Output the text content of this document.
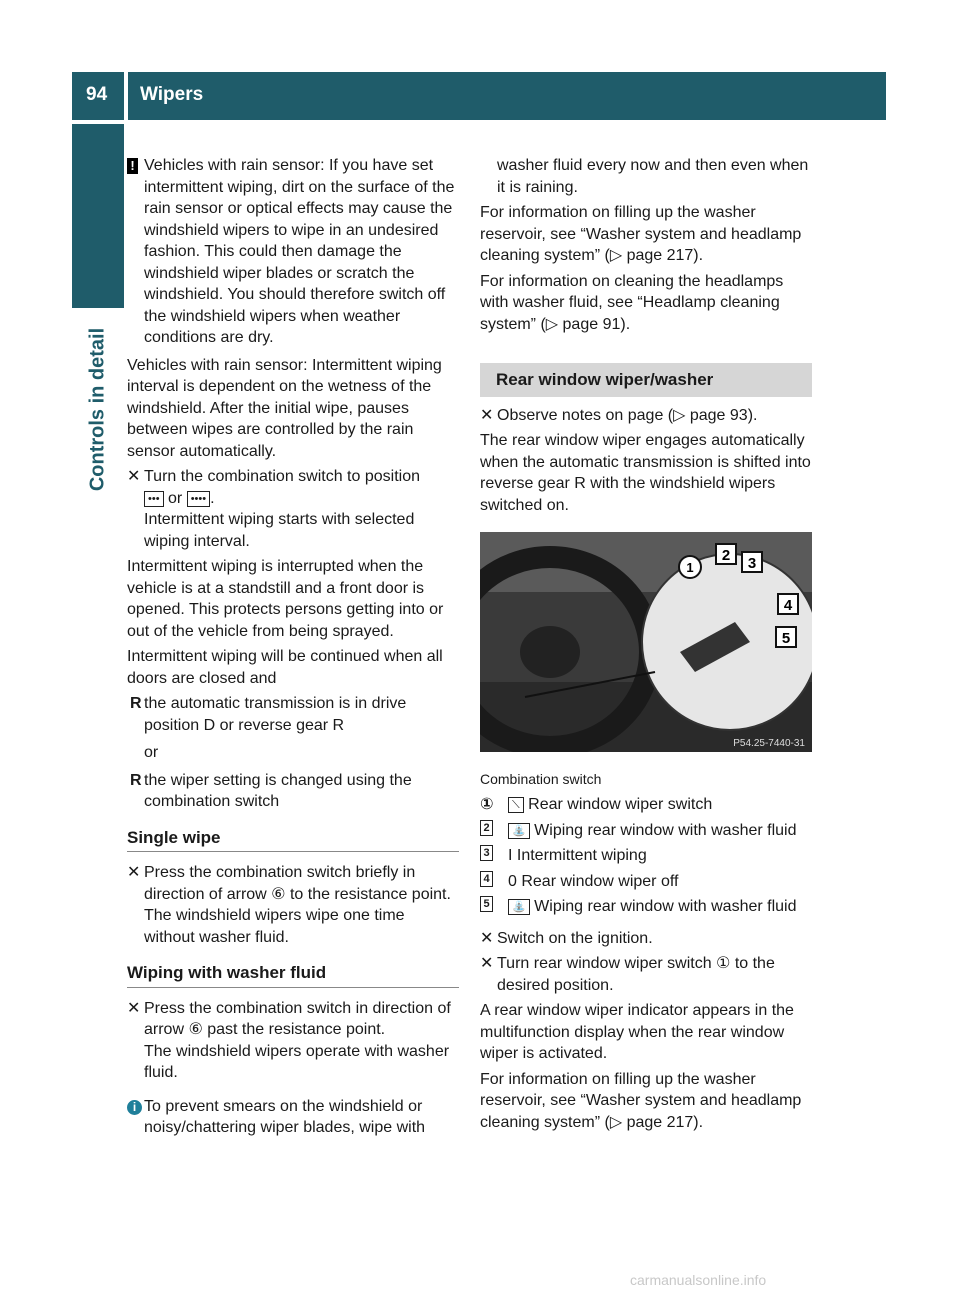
94 Wipers
Controls in detail

! Vehicles with rain sensor: If you have set intermittent wiping, dirt on the surface of the rain sensor or optical effects may cause the windshield wipers to wipe in an undesired fashion. This could then damage the windshield wiper blades or scratch the windshield. You should therefore switch off the windshield wipers when weather conditions are dry.

Vehicles with rain sensor: Intermittent wiping interval is dependent on the wetness of the windshield. After the initial wipe, pauses between wipes are controlled by the rain sensor automatically.

✕ Turn the combination switch to position
••• or •••• .
Intermittent wiping starts with selected wiping interval.

Intermittent wiping is interrupted when the vehicle is at a standstill and a front door is opened. This protects persons getting into or out of the vehicle from being sprayed.

Intermittent wiping will be continued when all doors are closed and

R the automatic transmission is in drive position D or reverse gear R

or

R the wiper setting is changed using the combination switch

Single wipe

✕ Press the combination switch briefly in direction of arrow ⑥ to the resistance point.
The windshield wipers wipe one time without washer fluid.

Wiping with washer fluid

✕ Press the combination switch in direction of arrow ⑥ past the resistance point.
The windshield wipers operate with washer fluid.

i To prevent smears on the windshield or noisy/chattering wiper blades, wipe with

washer fluid every now and then even when it is raining.

For information on filling up the washer reservoir, see “Washer system and headlamp cleaning system” (▷ page 217).

For information on cleaning the headlamps with washer fluid, see “Headlamp cleaning system” (▷ page 91).

Rear window wiper/washer

✕ Observe notes on page (▷ page 93).

The rear window wiper engages automatically when the automatic transmission is shifted into reverse gear R with the windshield wipers switched on.

1
2 3
4
5
P54.25-7440-31
Combination switch

① ⟍ Rear window wiper switch

2	⛲ Wiping rear window with washer fluid

3 I Intermittent wiping

4 0 Rear window wiper off

5	⛲ Wiping rear window with washer fluid

✕ Switch on the ignition.

✕ Turn rear window wiper switch ① to the desired position.

A rear window wiper indicator appears in the multifunction display when the rear window wiper is activated.

For information on filling up the washer reservoir, see “Washer system and headlamp cleaning system” (▷ page 217).

carmanualsonline.info
